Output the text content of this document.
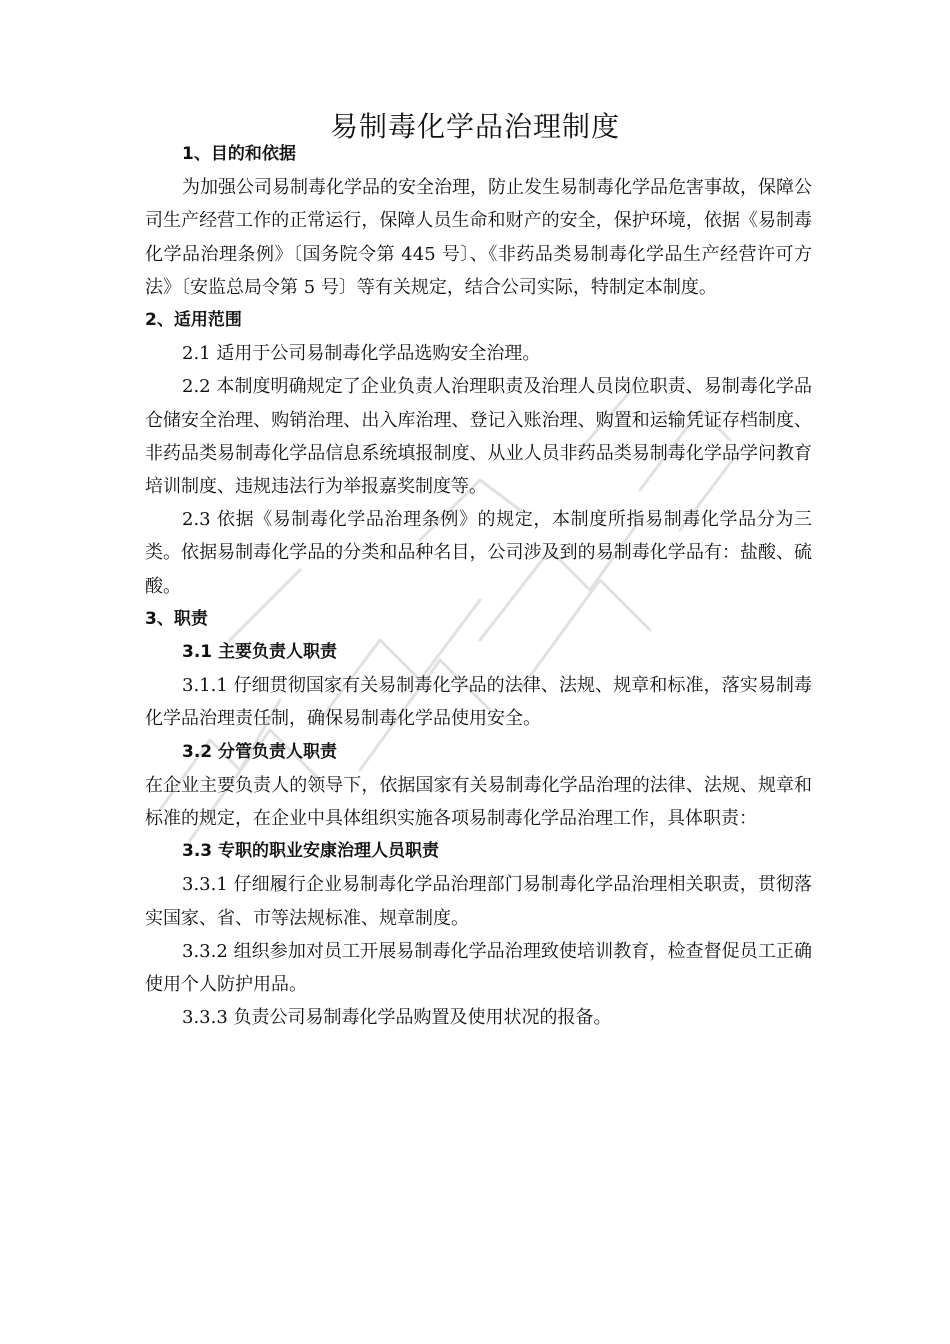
易制毒化学品治理制度

1、目的和依据

为加强公司易制毒化学品的安全治理，防止发生易制毒化学品危害事故，保障公司生产经营工作的正常运行，保障人员生命和财产的安全，保护环境，依据《易制毒化学品治理条例》〔国务院令第 445 号〕、《非药品类易制毒化学品生产经营许可方法》〔安监总局令第 5 号〕等有关规定，结合公司实际，特制定本制度。

2、适用范围

2.1 适用于公司易制毒化学品选购安全治理。

2.2 本制度明确规定了企业负责人治理职责及治理人员岗位职责、易制毒化学品仓储安全治理、购销治理、出入库治理、登记入账治理、购置和运输凭证存档制度、非药品类易制毒化学品信息系统填报制度、从业人员非药品类易制毒化学品学问教育培训制度、违规违法行为举报嘉奖制度等。

2.3 依据《易制毒化学品治理条例》的规定，本制度所指易制毒化学品分为三类。依据易制毒化学品的分类和品种名目，公司涉及到的易制毒化学品有：盐酸、硫酸。

3、职责

3.1 主要负责人职责

3.1.1 仔细贯彻国家有关易制毒化学品的法律、法规、规章和标准，落实易制毒化学品治理责任制，确保易制毒化学品使用安全。

3.2 分管负责人职责

在企业主要负责人的领导下，依据国家有关易制毒化学品治理的法律、法规、规章和标准的规定，在企业中具体组织实施各项易制毒化学品治理工作，具体职责：

3.3 专职的职业安康治理人员职责

3.3.1 仔细履行企业易制毒化学品治理部门易制毒化学品治理相关职责，贯彻落实国家、省、市等法规标准、规章制度。

3.3.2 组织参加对员工开展易制毒化学品治理致使培训教育，检查督促员工正确使用个人防护用品。

3.3.3 负责公司易制毒化学品购置及使用状况的报备。
